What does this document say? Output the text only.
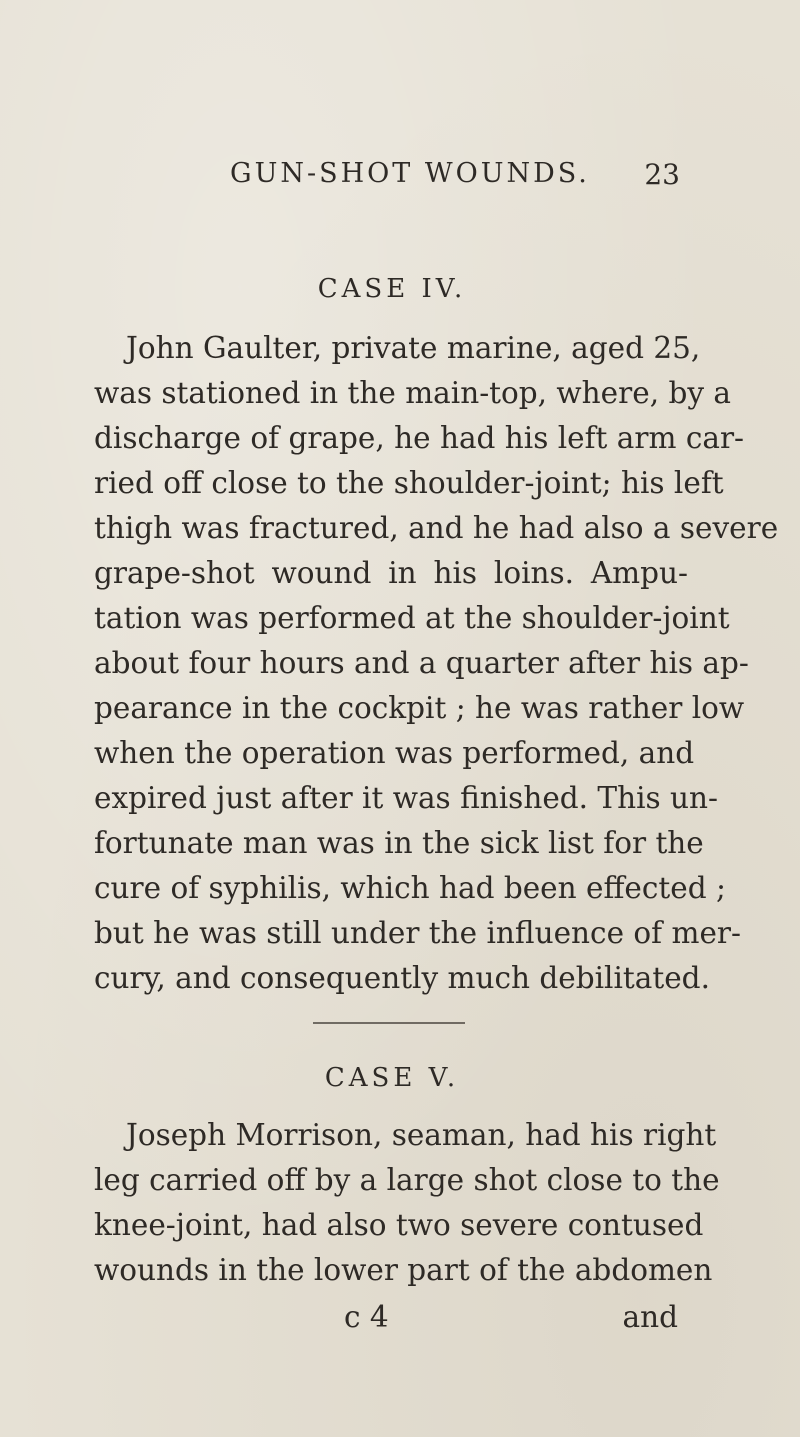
GUN-SHOT WOUNDS. 23
CASE IV.
John Gaulter, private marine, aged 25,
was stationed in the main-top, where, by a
discharge of grape, he had his left arm car-
ried off close to the shoulder-joint; his left
thigh was fractured, and he had also a severe
grape-shot wound in his loins. Ampu-
tation was performed at the shoulder-joint
about four hours and a quarter after his ap-
pearance in the cockpit ; he was rather low
when the operation was performed, and
expired just after it was finished. This un-
fortunate man was in the sick list for the
cure of syphilis, which had been effected ;
but he was still under the influence of mer-
cury, and consequently much debilitated.
CASE V.
Joseph Morrison, seaman, had his right
leg carried off by a large shot close to the
knee-joint, had also two severe contused
wounds in the lower part of the abdomen
c 4	and
